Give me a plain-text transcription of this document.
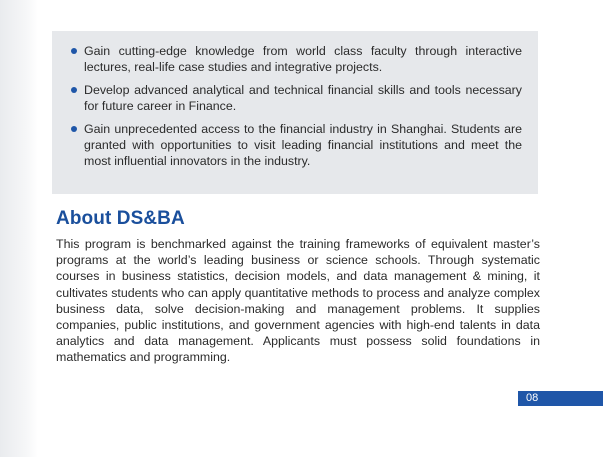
Gain cutting-edge knowledge from world class faculty through interactive lectures, real-life case studies and integrative projects.
Develop advanced analytical and technical financial skills and tools necessary for future career in Finance.
Gain unprecedented access to the financial industry in Shanghai. Students are granted with opportunities to visit leading financial institutions and meet the most influential innovators in the industry.
About DS&BA

This program is benchmarked against the training frameworks of equivalent master’s programs at the world’s leading business or science schools. Through systematic courses in business statistics, decision models, and data management & mining, it cultivates students who can apply quantitative methods to process and analyze complex business data, solve decision-making and management problems. It supplies companies, public institutions, and government agencies with high-end talents in data analytics and data management. Applicants must possess solid foundations in mathematics and programming.

08
